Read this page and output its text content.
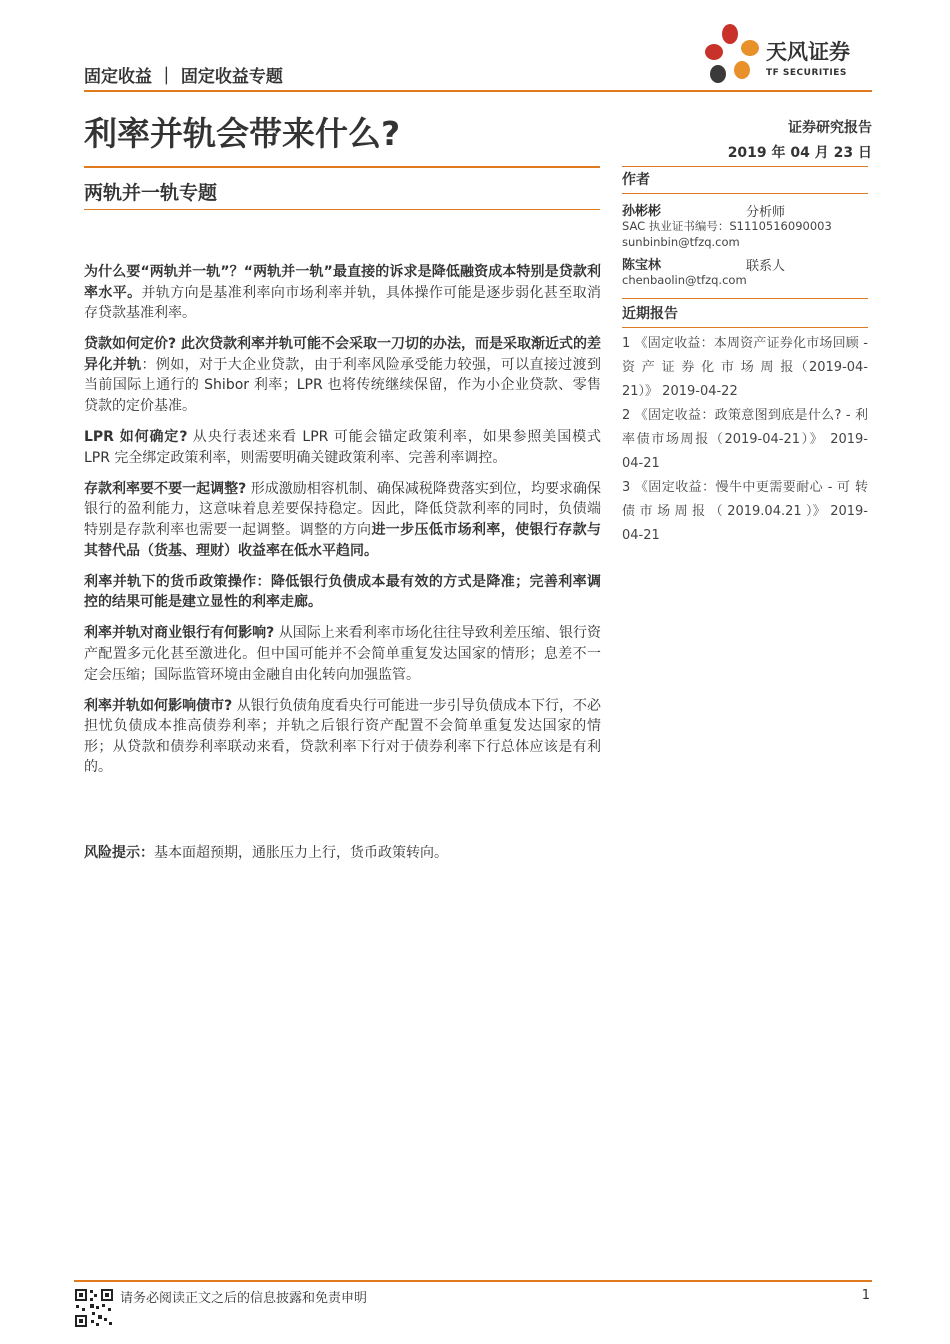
固定收益 ｜ 固定收益专题
天风证券
TF SECURITIES
利率并轨会带来什么?	证券研究报告
2019 年 04 月 23 日
两轨并一轨专题

为什么要“两轨并一轨”？“两轨并一轨”最直接的诉求是降低融资成本特别是贷款利率水平。并轨方向是基准利率向市场利率并轨，具体操作可能是逐步弱化甚至取消存贷款基准利率。

贷款如何定价? 此次贷款利率并轨可能不会采取一刀切的办法，而是采取渐近式的差异化并轨：例如，对于大企业贷款，由于利率风险承受能力较强，可以直接过渡到当前国际上通行的 Shibor 利率；LPR 也将传统继续保留，作为小企业贷款、零售贷款的定价基准。

LPR 如何确定? 从央行表述来看 LPR 可能会锚定政策利率，如果参照美国模式 LPR 完全绑定政策利率，则需要明确关键政策利率、完善利率调控。

存款利率要不要一起调整? 形成激励相容机制、确保减税降费落实到位，均要求确保银行的盈利能力，这意味着息差要保持稳定。因此，降低贷款利率的同时，负债端特别是存款利率也需要一起调整。调整的方向进一步压低市场利率，使银行存款与其替代品（货基、理财）收益率在低水平趋同。

利率并轨下的货币政策操作：降低银行负债成本最有效的方式是降准；完善利率调控的结果可能是建立显性的利率走廊。

利率并轨对商业银行有何影响? 从国际上来看利率市场化往往导致利差压缩、银行资产配置多元化甚至激进化。但中国可能并不会简单重复发达国家的情形；息差不一定会压缩；国际监管环境由金融自由化转向加强监管。

利率并轨如何影响债市? 从银行负债角度看央行可能进一步引导负债成本下行，不必担忧负债成本推高债券利率；并轨之后银行资产配置不会简单重复发达国家的情形；从贷款和债券利率联动来看，贷款利率下行对于债券利率下行总体应该是有利的。

风险提示：基本面超预期，通胀压力上行，货币政策转向。
作者
孙彬彬	分析师
SAC 执业证书编号：S1110516090003
sunbinbin@tfzq.com
陈宝林	联系人
chenbaolin@tfzq.com
近期报告
1 《固定收益：本周资产证券化市场回顾 - 资 产 证 券 化 市 场 周 报（2019-04-21）》 2019-04-22
2 《固定收益：政策意图到底是什么? - 利率债市场周报（2019-04-21）》 2019-04-21
3 《固定收益：慢牛中更需要耐心 - 可 转 债 市 场 周 报 （ 2019.04.21 ）》 2019-04-21
请务必阅读正文之后的信息披露和免责申明	1
